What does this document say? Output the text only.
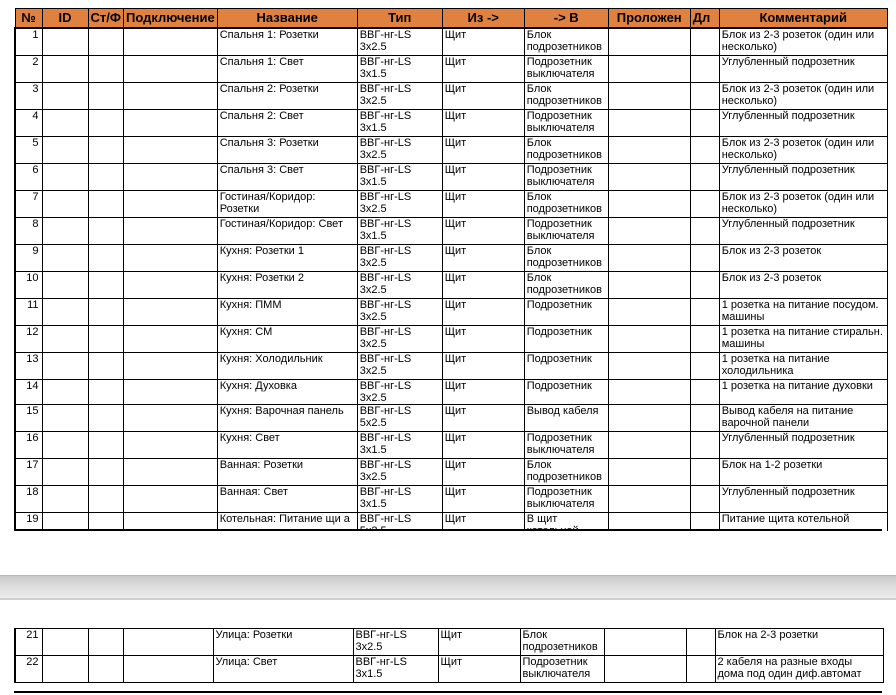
№	ID	Ст/Ф	Подключение	Название	Тип	Из ->	-> В	Проложен	Дл	Комментарий
1				Спальня 1: Розетки	ВВГ-нг-LS 3х2.5	Щит	Блок подрозетников			Блок из 2-3 розеток (один или несколько)
2				Спальня 1: Свет	ВВГ-нг-LS 3х1.5	Щит	Подрозетник выключателя			Углубленный подрозетник
3				Спальня 2: Розетки	ВВГ-нг-LS 3х2.5	Щит	Блок подрозетников			Блок из 2-3 розеток (один или несколько)
4				Спальня 2: Свет	ВВГ-нг-LS 3х1.5	Щит	Подрозетник выключателя			Углубленный подрозетник
5				Спальня 3: Розетки	ВВГ-нг-LS 3х2.5	Щит	Блок подрозетников			Блок из 2-3 розеток (один или несколько)
6				Спальня 3: Свет	ВВГ-нг-LS 3х1.5	Щит	Подрозетник выключателя			Углубленный подрозетник
7				Гостиная/Коридор: Розетки	ВВГ-нг-LS 3х2.5	Щит	Блок подрозетников			Блок из 2-3 розеток (один или несколько)
8				Гостиная/Коридор: Свет	ВВГ-нг-LS 3х1.5	Щит	Подрозетник выключателя			Углубленный подрозетник
9				Кухня: Розетки 1	ВВГ-нг-LS 3х2.5	Щит	Блок подрозетников			Блок из 2-3 розеток
10				Кухня: Розетки 2	ВВГ-нг-LS 3х2.5	Щит	Блок подрозетников			Блок из 2-3 розеток
11				Кухня: ПММ	ВВГ-нг-LS 3х2.5	Щит	Подрозетник			1 розетка на питание посудом. машины
12				Кухня: СМ	ВВГ-нг-LS 3х2.5	Щит	Подрозетник			1 розетка на питание стиральн. машины
13				Кухня: Холодильник	ВВГ-нг-LS 3х2.5	Щит	Подрозетник			1 розетка на питание холодильника
14				Кухня: Духовка	ВВГ-нг-LS 3х2.5	Щит	Подрозетник			1 розетка на питание духовки
15				Кухня: Варочная панель	ВВГ-нг-LS 5х2.5	Щит	Вывод кабеля			Вывод кабеля на питание варочной панели
16				Кухня: Свет	ВВГ-нг-LS 3х1.5	Щит	Подрозетник выключателя			Углубленный подрозетник
17				Ванная: Розетки	ВВГ-нг-LS 3х2.5	Щит	Блок подрозетников			Блок на 1-2 розетки
18				Ванная: Свет	ВВГ-нг-LS 3х1.5	Щит	Подрозетник выключателя			Углубленный подрозетник
19				Котельная: Питание щи а	ВВГ-нг-LS	Щит	В щит			Питание щита котельной

21				Улица: Розетки	ВВГ-нг-LS 3х2.5	Щит	Блок подрозетников			Блок на 2-3 розетки
22				Улица: Свет	ВВГ-нг-LS 3х1.5	Щит	Подрозетник выключателя			2 кабеля на разные входы дома под один диф.автомат
